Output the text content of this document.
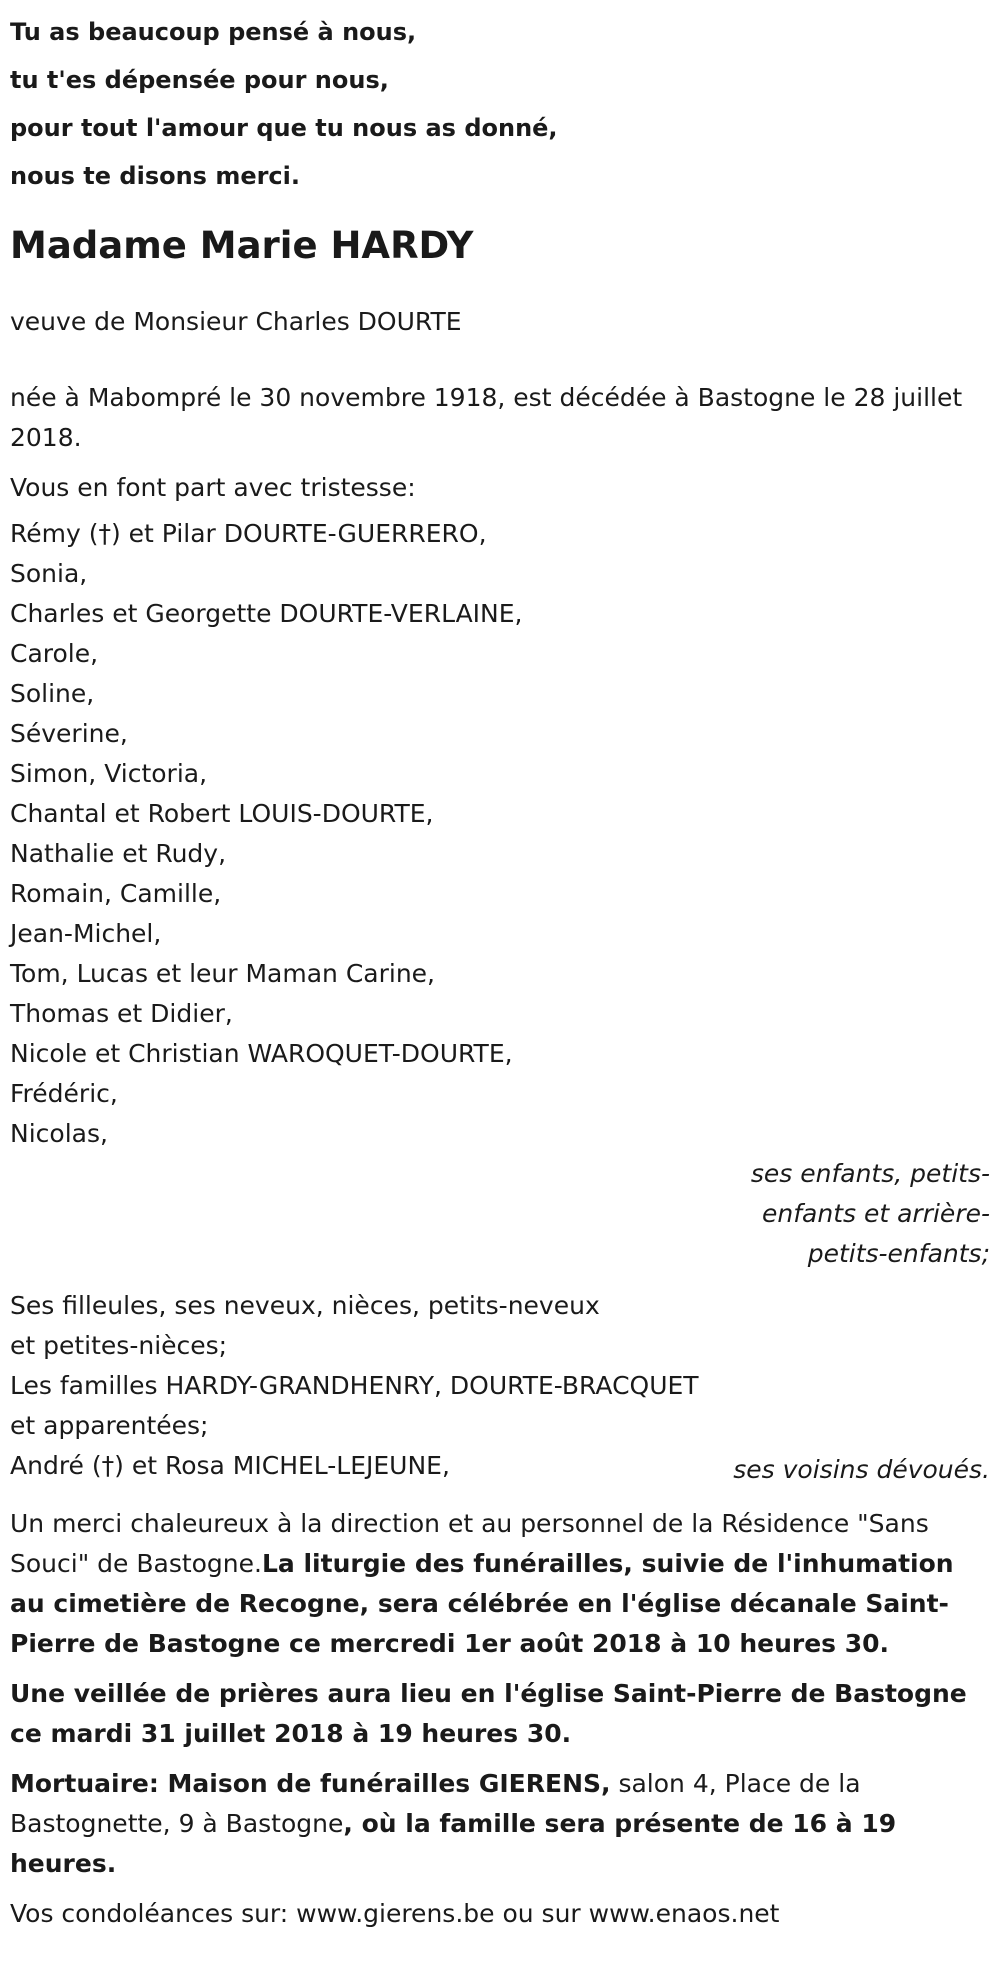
Tu as beaucoup pensé à nous,
tu t'es dépensée pour nous,
pour tout l'amour que tu nous as donné,
nous te disons merci.
Madame Marie HARDY
veuve de Monsieur Charles DOURTE
née à Mabompré le 30 novembre 1918, est décédée à Bastogne le 28 juillet 2018.
Vous en font part avec tristesse:
Rémy (†) et Pilar DOURTE-GUERRERO,
Sonia,
Charles et Georgette DOURTE-VERLAINE,
Carole,
Soline,
Séverine,
Simon, Victoria,
Chantal et Robert LOUIS-DOURTE,
Nathalie et Rudy,
Romain, Camille,
Jean-Michel,
Tom, Lucas et leur Maman Carine,
Thomas et Didier,
Nicole et Christian WAROQUET-DOURTE,
Frédéric,
Nicolas,
ses enfants, petits-
enfants et arrière-
petits-enfants;
Ses filleules, ses neveux, nièces, petits-neveux
et petites-nièces;
Les familles HARDY-GRANDHENRY, DOURTE-BRACQUET
et apparentées;
André (†) et Rosa MICHEL-LEJEUNE,	ses voisins dévoués.
Un merci chaleureux à la direction et au personnel de la Résidence "Sans Souci" de Bastogne.La liturgie des funérailles, suivie de l'inhumation au cimetière de Recogne, sera célébrée en l'église décanale Saint-Pierre de Bastogne ce mercredi 1er août 2018 à 10 heures 30.
Une veillée de prières aura lieu en l'église Saint-Pierre de Bastogne ce mardi 31 juillet 2018 à 19 heures 30.
Mortuaire: Maison de funérailles GIERENS, salon 4, Place de la Bastognette, 9 à Bastogne, où la famille sera présente de 16 à 19 heures.
Vos condoléances sur: www.gierens.be ou sur www.enaos.net
